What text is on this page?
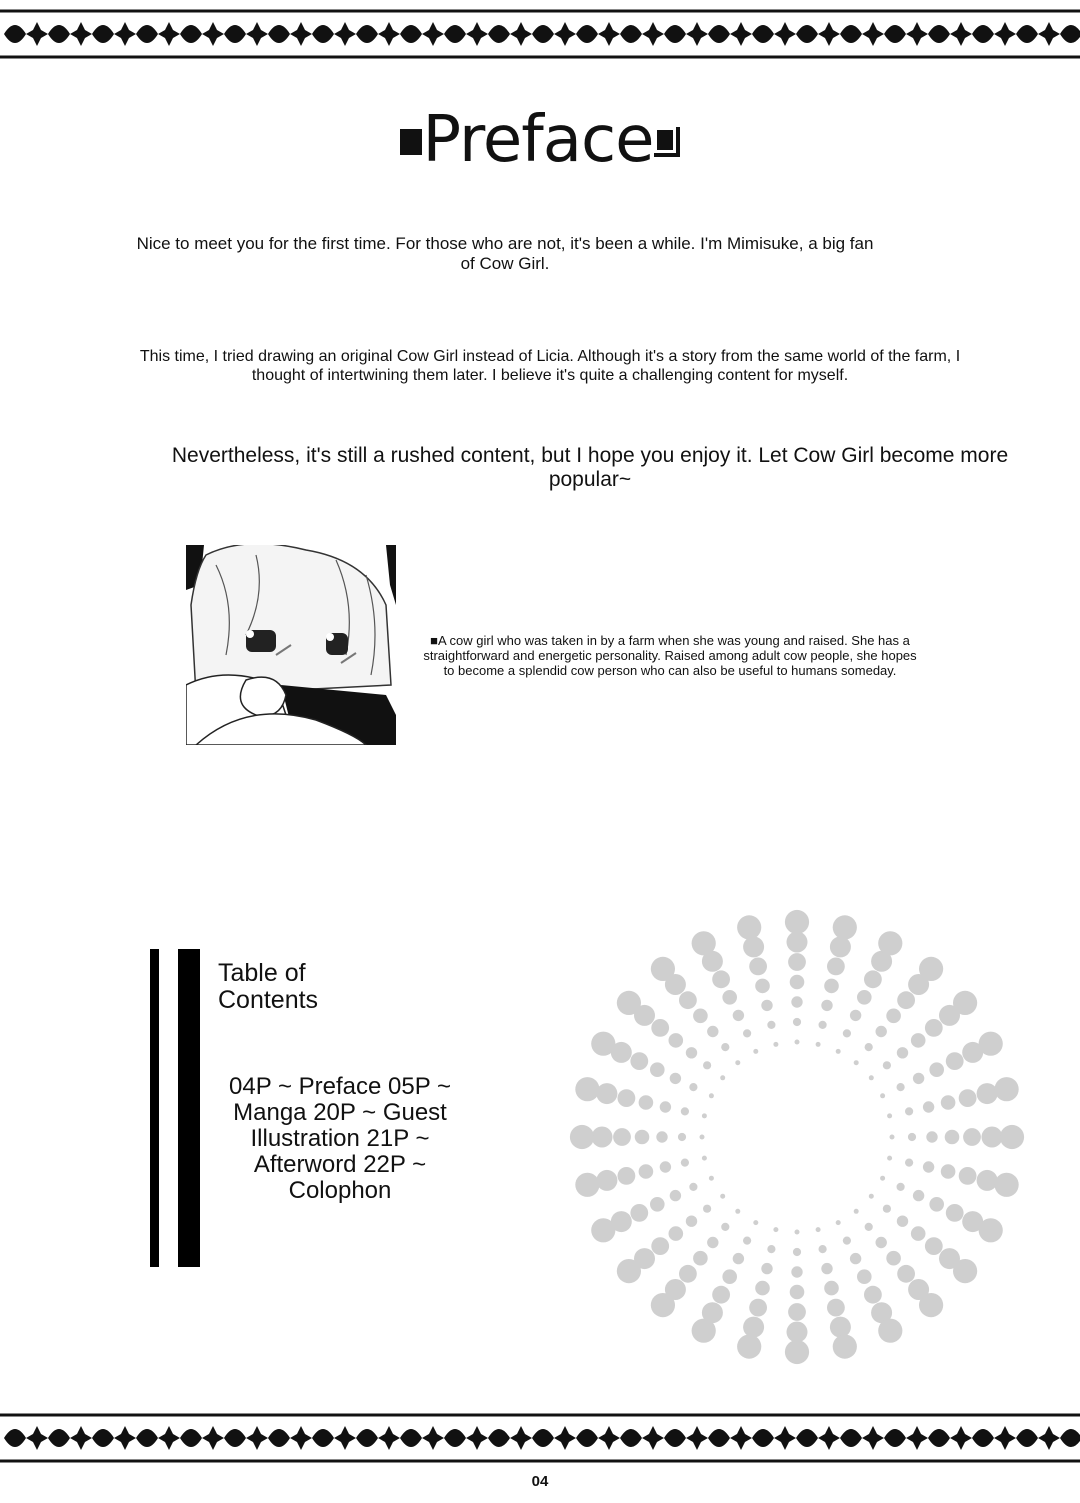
Preface

Nice to meet you for the first time. For those who are not, it's been a while. I'm Mimisuke, a big fan of Cow Girl.

This time, I tried drawing an original Cow Girl instead of Licia. Although it's a story from the same world of the farm, I thought of intertwining them later. I believe it's quite a challenging content for myself.

Nevertheless, it's still a rushed content, but I hope you enjoy it. Let Cow Girl become more popular~

■A cow girl who was taken in by a farm when she was young and raised. She has a straightforward and energetic personality. Raised among adult cow people, she hopes to become a splendid cow person who can also be useful to humans someday.

Table of Contents
04P ~ Preface 05P ~ Manga 20P ~ Guest Illustration 21P ~ Afterword 22P ~ Colophon
04
